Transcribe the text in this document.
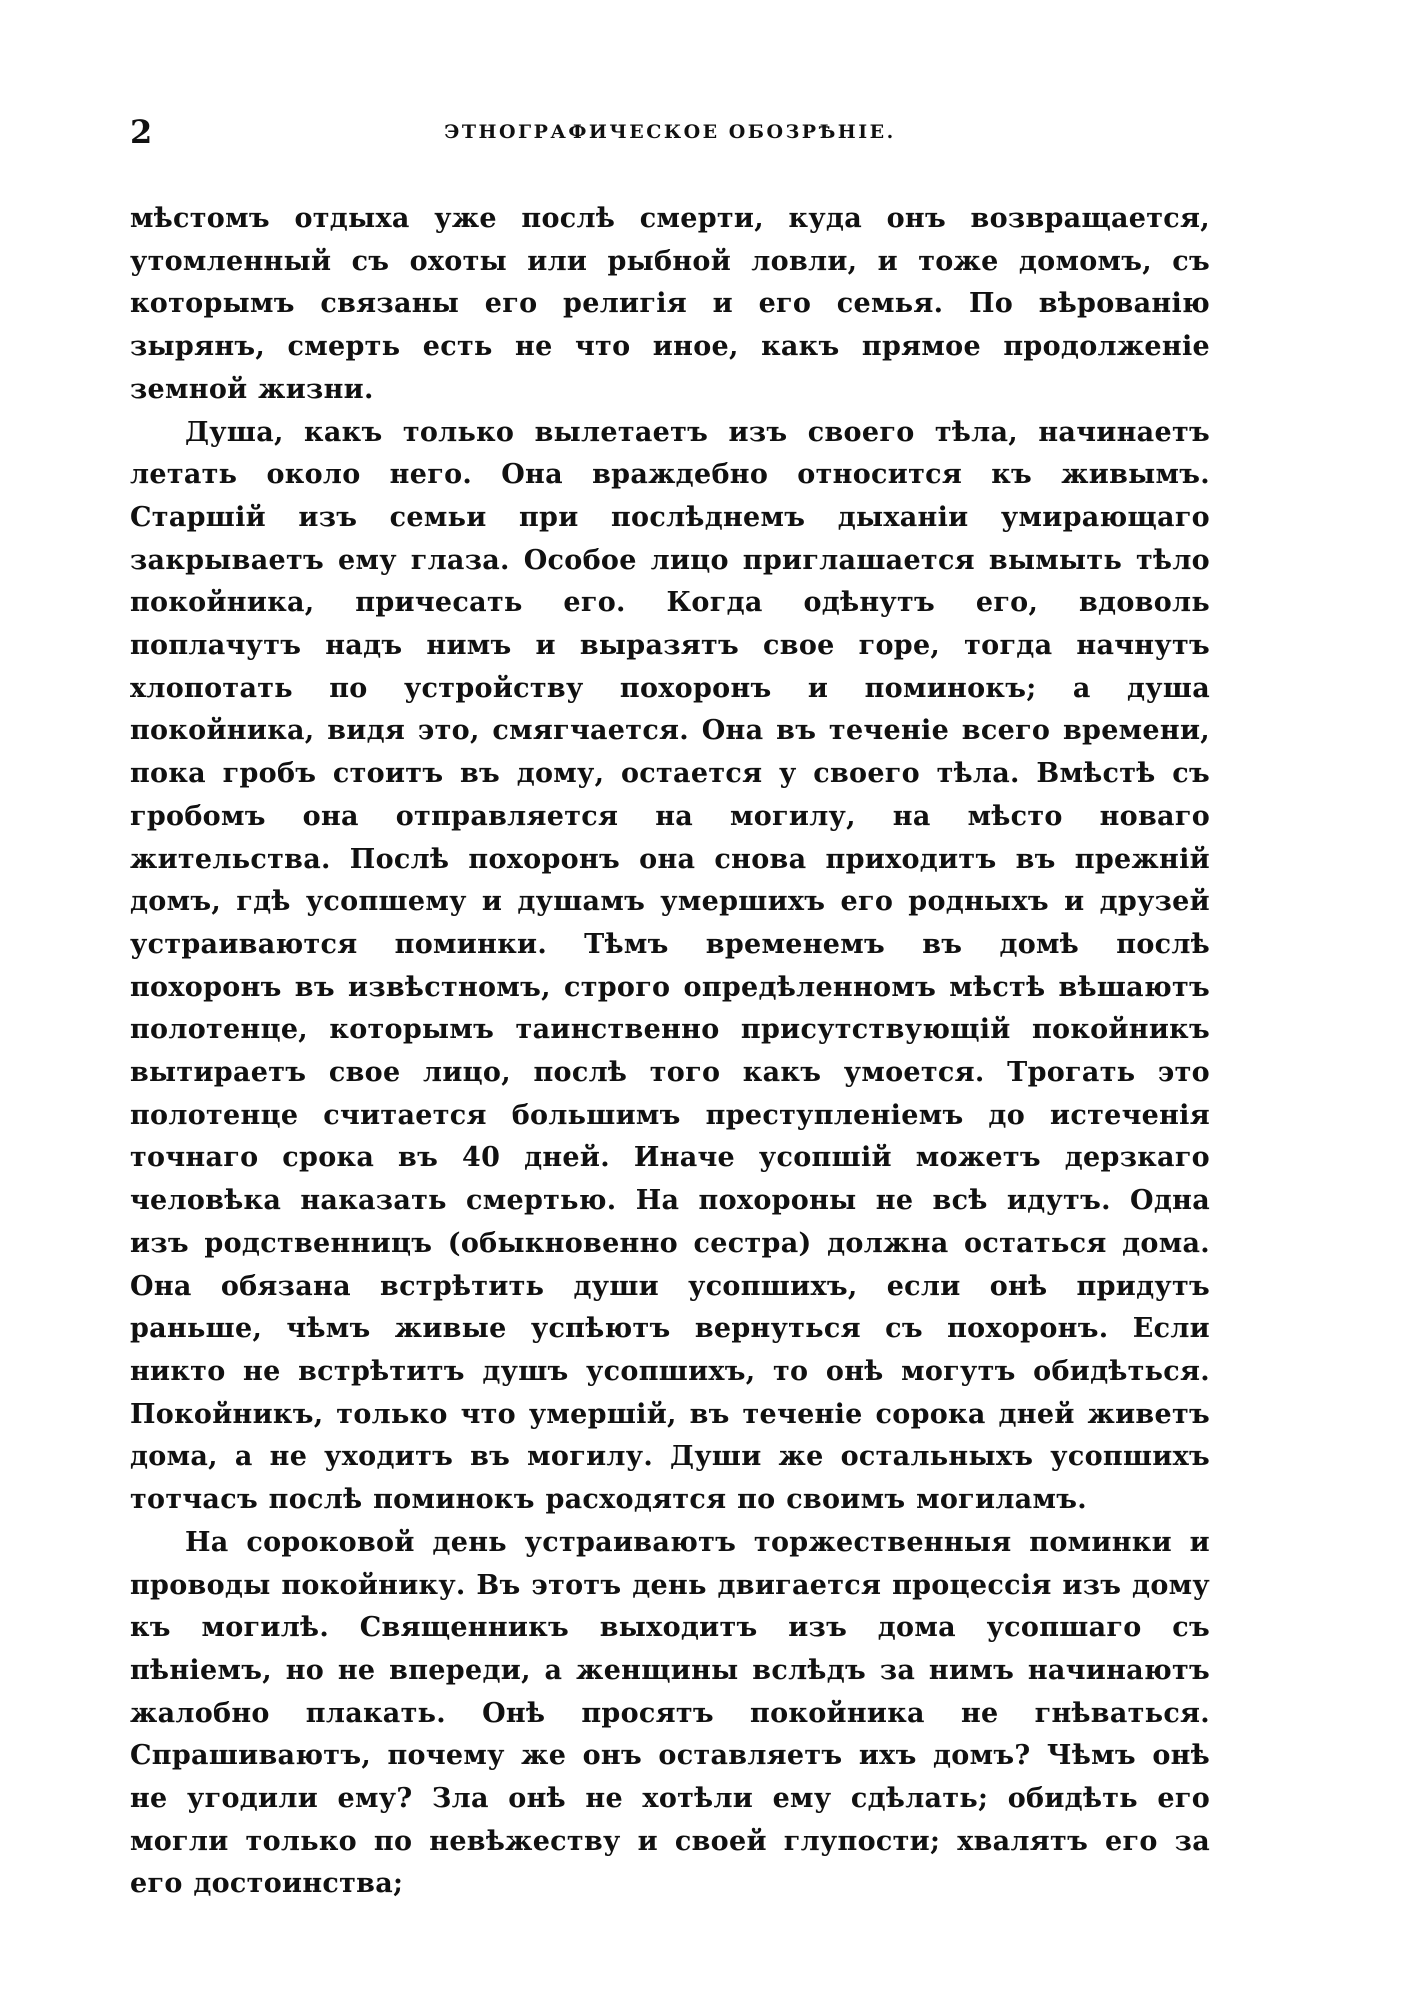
2	ЭТНОГРАФИЧЕСКОЕ ОБОЗРѢНІЕ.

мѣстомъ отдыха уже послѣ смерти, куда онъ возвращается, утомленный съ охоты или рыбной ловли, и тоже домомъ, съ которымъ связаны его религія и его семья. По вѣрованію зырянъ, смерть есть не что иное, какъ прямое продолженіе земной жизни.

Душа, какъ только вылетаетъ изъ своего тѣла, начинаетъ летать около него. Она враждебно относится къ живымъ. Старшій изъ семьи при послѣднемъ дыханіи умирающаго закрываетъ ему глаза. Особое лицо приглашается вымыть тѣло покойника, причесать его. Когда одѣнутъ его, вдоволь поплачутъ надъ нимъ и выразятъ свое горе, тогда начнутъ хлопотать по устройству похоронъ и поминокъ; а душа покойника, видя это, смягчается. Она въ теченіе всего времени, пока гробъ стоитъ въ дому, остается у своего тѣла. Вмѣстѣ съ гробомъ она отправляется на могилу, на мѣсто новаго жительства. Послѣ похоронъ она снова приходитъ въ прежній домъ, гдѣ усопшему и душамъ умершихъ его родныхъ и друзей устраиваются поминки. Тѣмъ временемъ въ домѣ послѣ похоронъ въ извѣстномъ, строго опредѣленномъ мѣстѣ вѣшаютъ полотенце, которымъ таинственно присутствующій покойникъ вытираетъ свое лицо, послѣ того какъ умоется. Трогать это полотенце считается большимъ преступленіемъ до истеченія точнаго срока въ 40 дней. Иначе усопшій можетъ дерзкаго человѣка наказать смертью. На похороны не всѣ идутъ. Одна изъ родственницъ (обыкновенно сестра) должна остаться дома. Она обязана встрѣтить души усопшихъ, если онѣ придутъ раньше, чѣмъ живые успѣютъ вернуться съ похоронъ. Если никто не встрѣтитъ душъ усопшихъ, то онѣ могутъ обидѣться. Покойникъ, только что умершій, въ теченіе сорока дней живетъ дома, а не уходитъ въ могилу. Души же остальныхъ усопшихъ тотчасъ послѣ поминокъ расходятся по своимъ могиламъ.

На сороковой день устраиваютъ торжественныя поминки и проводы покойнику. Въ этотъ день двигается процессія изъ дому къ могилѣ. Священникъ выходитъ изъ дома усопшаго съ пѣніемъ, но не впереди, а женщины вслѣдъ за нимъ начинаютъ жалобно плакать. Онѣ просятъ покойника не гнѣваться. Спрашиваютъ, почему же онъ оставляетъ ихъ домъ? Чѣмъ онѣ не угодили ему? Зла онѣ не хотѣли ему сдѣлать; обидѣть его могли только по невѣжеству и своей глупости; хвалятъ его за его достоинства;
